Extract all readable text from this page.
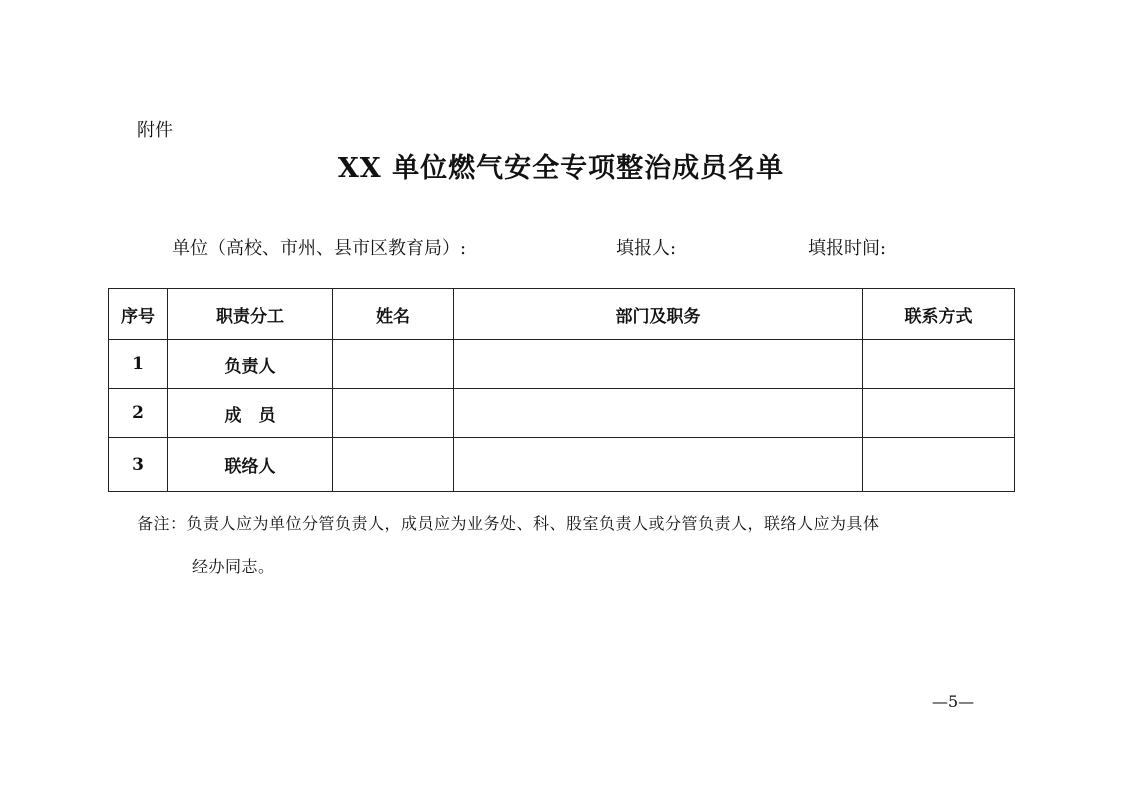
附件
XX 单位燃气安全专项整治成员名单
单位（高校、市州、县市区教育局）:	填报人:	填报时间:
序号	职责分工	姓名	部门及职务	联系方式
1	负责人			
2	成　员			
3	联络人			
备注：负责人应为单位分管负责人，成员应为业务处、科、股室负责人或分管负责人，联络人应为具体
经办同志。
—5—
